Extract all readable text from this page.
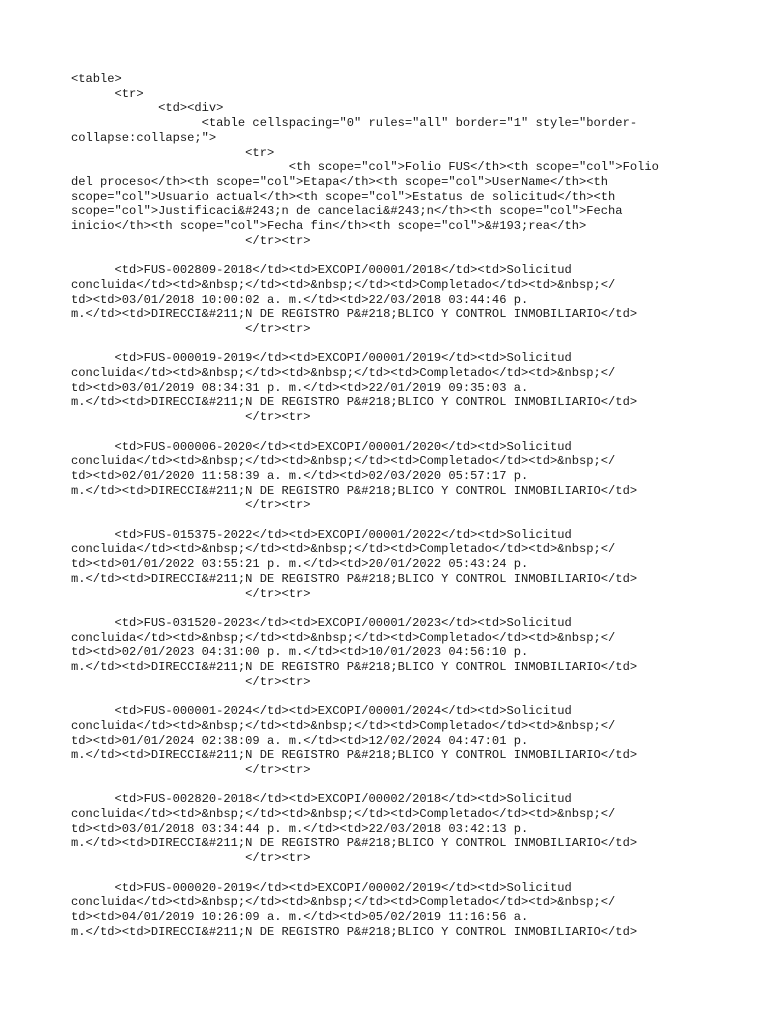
<table>
<tr>
<td><div>
<table cellspacing="0" rules="all" border="1" style="border-
collapse:collapse;">
<tr>
<th scope="col">Folio FUS</th><th scope="col">Folio
del proceso</th><th scope="col">Etapa</th><th scope="col">UserName</th><th
scope="col">Usuario actual</th><th scope="col">Estatus de solicitud</th><th
scope="col">Justificaci&#243;n de cancelaci&#243;n</th><th scope="col">Fecha
inicio</th><th scope="col">Fecha fin</th><th scope="col">&#193;rea</th>
</tr><tr>
<td>FUS-002809-2018</td><td>EXCOPI/00001/2018</td><td>Solicitud
concluida</td><td>&nbsp;</td><td>&nbsp;</td><td>Completado</td><td>&nbsp;</
td><td>03/01/2018 10:00:02 a. m.</td><td>22/03/2018 03:44:46 p.
m.</td><td>DIRECCI&#211;N DE REGISTRO P&#218;BLICO Y CONTROL INMOBILIARIO</td>
</tr><tr>
<td>FUS-000019-2019</td><td>EXCOPI/00001/2019</td><td>Solicitud
concluida</td><td>&nbsp;</td><td>&nbsp;</td><td>Completado</td><td>&nbsp;</
td><td>03/01/2019 08:34:31 p. m.</td><td>22/01/2019 09:35:03 a.
m.</td><td>DIRECCI&#211;N DE REGISTRO P&#218;BLICO Y CONTROL INMOBILIARIO</td>
</tr><tr>
<td>FUS-000006-2020</td><td>EXCOPI/00001/2020</td><td>Solicitud
concluida</td><td>&nbsp;</td><td>&nbsp;</td><td>Completado</td><td>&nbsp;</
td><td>02/01/2020 11:58:39 a. m.</td><td>02/03/2020 05:57:17 p.
m.</td><td>DIRECCI&#211;N DE REGISTRO P&#218;BLICO Y CONTROL INMOBILIARIO</td>
</tr><tr>
<td>FUS-015375-2022</td><td>EXCOPI/00001/2022</td><td>Solicitud
concluida</td><td>&nbsp;</td><td>&nbsp;</td><td>Completado</td><td>&nbsp;</
td><td>01/01/2022 03:55:21 p. m.</td><td>20/01/2022 05:43:24 p.
m.</td><td>DIRECCI&#211;N DE REGISTRO P&#218;BLICO Y CONTROL INMOBILIARIO</td>
</tr><tr>
<td>FUS-031520-2023</td><td>EXCOPI/00001/2023</td><td>Solicitud
concluida</td><td>&nbsp;</td><td>&nbsp;</td><td>Completado</td><td>&nbsp;</
td><td>02/01/2023 04:31:00 p. m.</td><td>10/01/2023 04:56:10 p.
m.</td><td>DIRECCI&#211;N DE REGISTRO P&#218;BLICO Y CONTROL INMOBILIARIO</td>
</tr><tr>
<td>FUS-000001-2024</td><td>EXCOPI/00001/2024</td><td>Solicitud
concluida</td><td>&nbsp;</td><td>&nbsp;</td><td>Completado</td><td>&nbsp;</
td><td>01/01/2024 02:38:09 a. m.</td><td>12/02/2024 04:47:01 p.
m.</td><td>DIRECCI&#211;N DE REGISTRO P&#218;BLICO Y CONTROL INMOBILIARIO</td>
</tr><tr>
<td>FUS-002820-2018</td><td>EXCOPI/00002/2018</td><td>Solicitud
concluida</td><td>&nbsp;</td><td>&nbsp;</td><td>Completado</td><td>&nbsp;</
td><td>03/01/2018 03:34:44 p. m.</td><td>22/03/2018 03:42:13 p.
m.</td><td>DIRECCI&#211;N DE REGISTRO P&#218;BLICO Y CONTROL INMOBILIARIO</td>
</tr><tr>
<td>FUS-000020-2019</td><td>EXCOPI/00002/2019</td><td>Solicitud
concluida</td><td>&nbsp;</td><td>&nbsp;</td><td>Completado</td><td>&nbsp;</
td><td>04/01/2019 10:26:09 a. m.</td><td>05/02/2019 11:16:56 a.
m.</td><td>DIRECCI&#211;N DE REGISTRO P&#218;BLICO Y CONTROL INMOBILIARIO</td>
